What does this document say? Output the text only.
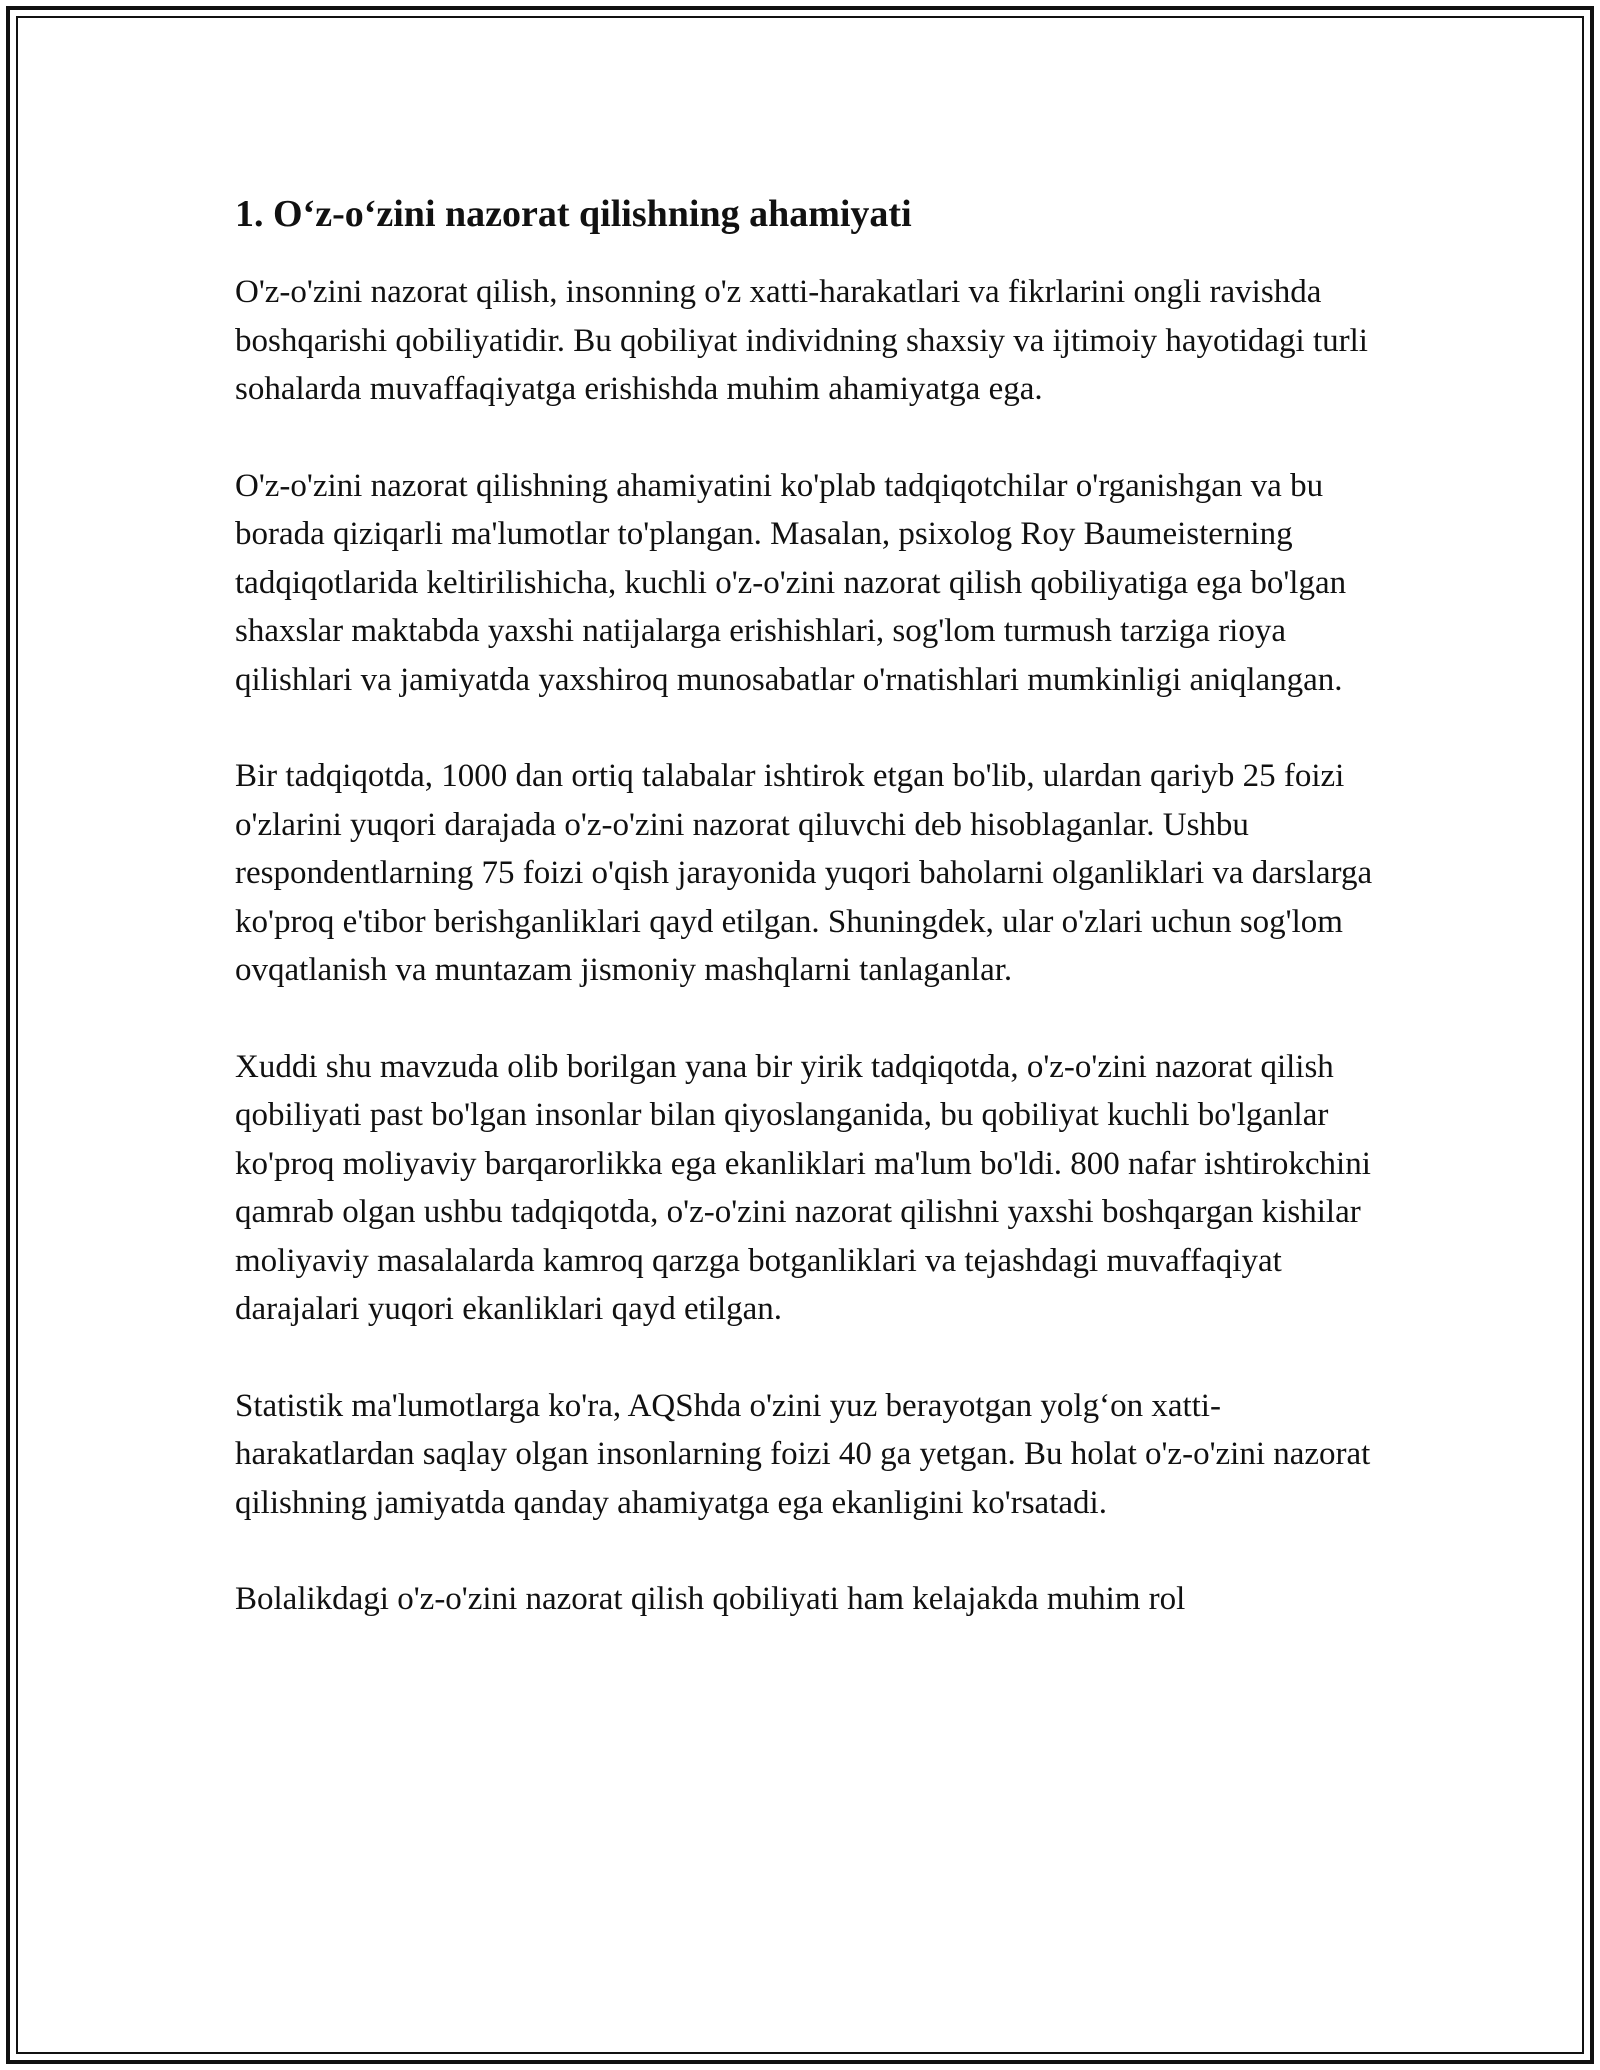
1. O‘z-o‘zini nazorat qilishning ahamiyati

O'z-o'zini nazorat qilish, insonning o'z xatti-harakatlari va fikrlarini ongli ravishda boshqarishi qobiliyatidir. Bu qobiliyat individning shaxsiy va ijtimoiy hayotidagi turli sohalarda muvaffaqiyatga erishishda muhim ahamiyatga ega.

O'z-o'zini nazorat qilishning ahamiyatini ko'plab tadqiqotchilar o'rganishgan va bu borada qiziqarli ma'lumotlar to'plangan. Masalan, psixolog Roy Baumeisterning tadqiqotlarida keltirilishicha, kuchli o'z-o'zini nazorat qilish qobiliyatiga ega bo'lgan shaxslar maktabda yaxshi natijalarga erishishlari, sog'lom turmush tarziga rioya qilishlari va jamiyatda yaxshiroq munosabatlar o'rnatishlari mumkinligi aniqlangan.

Bir tadqiqotda, 1000 dan ortiq talabalar ishtirok etgan bo'lib, ulardan qariyb 25 foizi o'zlarini yuqori darajada o'z-o'zini nazorat qiluvchi deb hisoblaganlar. Ushbu respondentlarning 75 foizi o'qish jarayonida yuqori baholarni olganliklari va darslarga ko'proq e'tibor berishganliklari qayd etilgan. Shuningdek, ular o'zlari uchun sog'lom ovqatlanish va muntazam jismoniy mashqlarni tanlaganlar.

Xuddi shu mavzuda olib borilgan yana bir yirik tadqiqotda, o'z-o'zini nazorat qilish qobiliyati past bo'lgan insonlar bilan qiyoslanganida, bu qobiliyat kuchli bo'lganlar ko'proq moliyaviy barqarorlikka ega ekanliklari ma'lum bo'ldi. 800 nafar ishtirokchini qamrab olgan ushbu tadqiqotda, o'z-o'zini nazorat qilishni yaxshi boshqargan kishilar moliyaviy masalalarda kamroq qarzga botganliklari va tejashdagi muvaffaqiyat darajalari yuqori ekanliklari qayd etilgan.

Statistik ma'lumotlarga ko'ra, AQShda o'zini yuz berayotgan yolg‘on xatti-harakatlardan saqlay olgan insonlarning foizi 40 ga yetgan. Bu holat o'z-o'zini nazorat qilishning jamiyatda qanday ahamiyatga ega ekanligini ko'rsatadi.

Bolalikdagi o'z-o'zini nazorat qilish qobiliyati ham kelajakda muhim rol
